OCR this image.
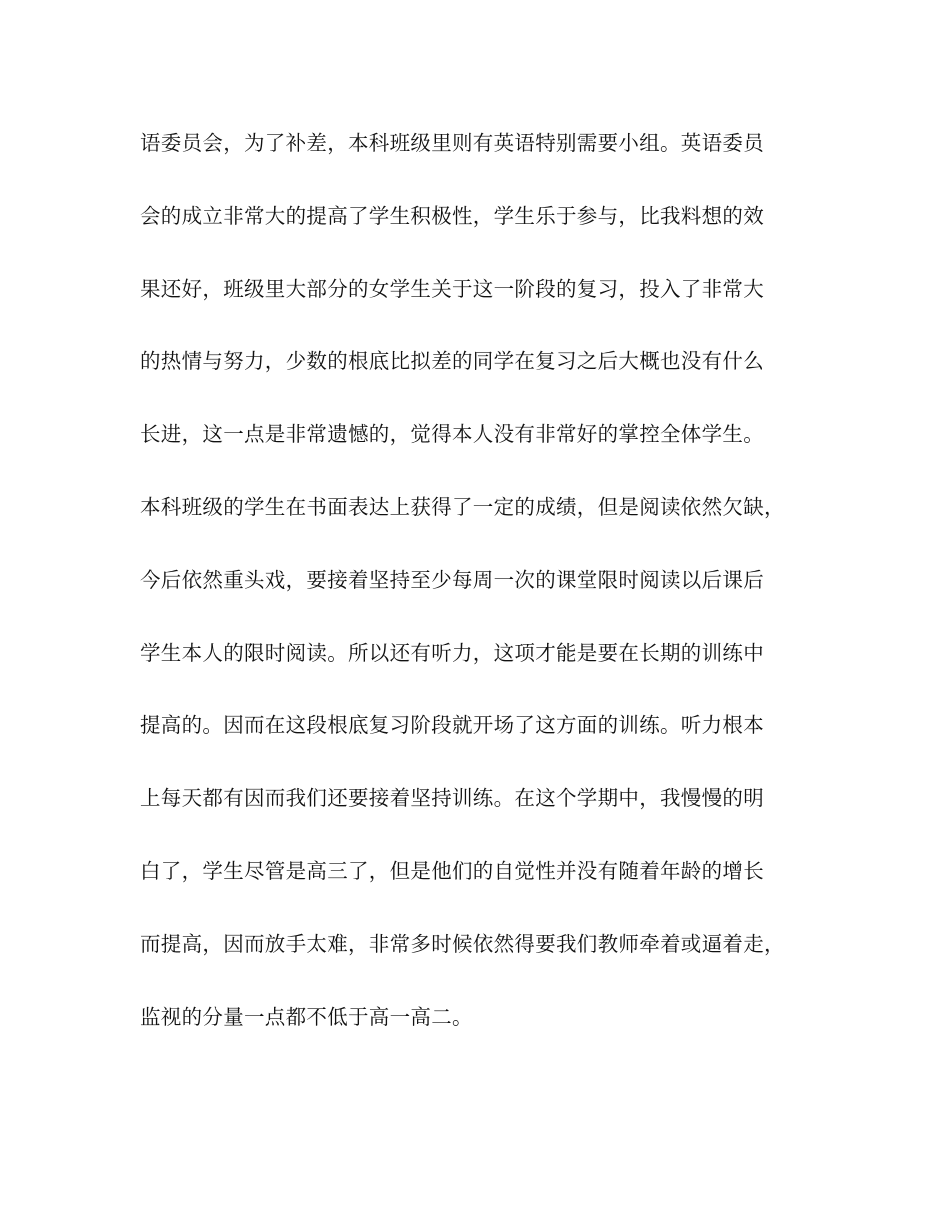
语委员会，为了补差，本科班级里则有英语特别需要小组。英语委员
会的成立非常大的提高了学生积极性，学生乐于参与，比我料想的效
果还好，班级里大部分的女学生关于这一阶段的复习，投入了非常大
的热情与努力，少数的根底比拟差的同学在复习之后大概也没有什么
长进，这一点是非常遗憾的，觉得本人没有非常好的掌控全体学生。
本科班级的学生在书面表达上获得了一定的成绩，但是阅读依然欠缺，
今后依然重头戏，要接着坚持至少每周一次的课堂限时阅读以后课后
学生本人的限时阅读。所以还有听力，这项才能是要在长期的训练中
提高的。因而在这段根底复习阶段就开场了这方面的训练。听力根本
上每天都有因而我们还要接着坚持训练。在这个学期中，我慢慢的明
白了，学生尽管是高三了，但是他们的自觉性并没有随着年龄的增长
而提高，因而放手太难，非常多时候依然得要我们教师牵着或逼着走，
监视的分量一点都不低于高一高二。
